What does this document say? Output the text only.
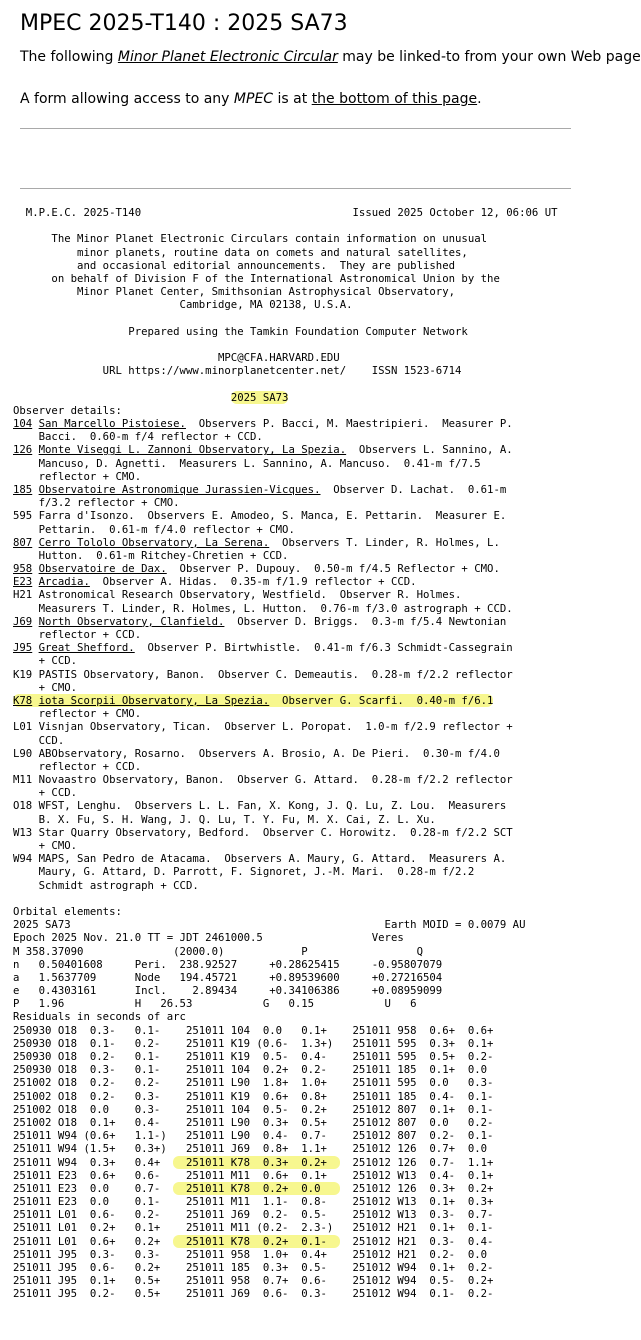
MPEC 2025-T140 : 2025 SA73
The following Minor Planet Electronic Circular may be linked-to from your own Web page
A form allowing access to any MPEC is at the bottom of this page.
M.P.E.C. 2025-T140                                 Issued 2025 October 12, 06:06 UT
The Minor Planet Electronic Circulars contain information on unusual
minor planets, routine data on comets and natural satellites,
and occasional editorial announcements.  They are published
on behalf of Division F of the International Astronomical Union by the
Minor Planet Center, Smithsonian Astrophysical Observatory,
Cambridge, MA 02138, U.S.A.
Prepared using the Tamkin Foundation Computer Network
MPC@CFA.HARVARD.EDU
URL https://www.minorplanetcenter.net/    ISSN 1523-6714
2025 SA73
Observer details:
104 San Marcello Pistoiese.  Observers P. Bacci, M. Maestripieri.  Measurer P.
Bacci.  0.60-m f/4 reflector + CCD.
126 Monte Viseggi L. Zannoni Observatory, La Spezia.  Observers L. Sannino, A.
Mancuso, D. Agnetti.  Measurers L. Sannino, A. Mancuso.  0.41-m f/7.5
reflector + CMO.
185 Observatoire Astronomique Jurassien-Vicques.  Observer D. Lachat.  0.61-m
f/3.2 reflector + CMO.
595 Farra d'Isonzo.  Observers E. Amodeo, S. Manca, E. Pettarin.  Measurer E.
Pettarin.  0.61-m f/4.0 reflector + CMO.
807 Cerro Tololo Observatory, La Serena.  Observers T. Linder, R. Holmes, L.
Hutton.  0.61-m Ritchey-Chretien + CCD.
958 Observatoire de Dax.  Observer P. Dupouy.  0.50-m f/4.5 Reflector + CMO.
E23 Arcadia.  Observer A. Hidas.  0.35-m f/1.9 reflector + CCD.
H21 Astronomical Research Observatory, Westfield.  Observer R. Holmes.
Measurers T. Linder, R. Holmes, L. Hutton.  0.76-m f/3.0 astrograph + CCD.
J69 North Observatory, Clanfield.  Observer D. Briggs.  0.3-m f/5.4 Newtonian
reflector + CCD.
J95 Great Shefford.  Observer P. Birtwhistle.  0.41-m f/6.3 Schmidt-Cassegrain
+ CCD.
K19 PASTIS Observatory, Banon.  Observer C. Demeautis.  0.28-m f/2.2 reflector
+ CMO.
K78 iota Scorpii Observatory, La Spezia.  Observer G. Scarfi.  0.40-m f/6.1
reflector + CMO.
L01 Visnjan Observatory, Tican.  Observer L. Poropat.  1.0-m f/2.9 reflector +
CCD.
L90 ABObservatory, Rosarno.  Observers A. Brosio, A. De Pieri.  0.30-m f/4.0
reflector + CCD.
M11 Novaastro Observatory, Banon.  Observer G. Attard.  0.28-m f/2.2 reflector
+ CCD.
O18 WFST, Lenghu.  Observers L. L. Fan, X. Kong, J. Q. Lu, Z. Lou.  Measurers
B. X. Fu, S. H. Wang, J. Q. Lu, T. Y. Fu, M. X. Cai, Z. L. Xu.
W13 Star Quarry Observatory, Bedford.  Observer C. Horowitz.  0.28-m f/2.2 SCT
+ CMO.
W94 MAPS, San Pedro de Atacama.  Observers A. Maury, G. Attard.  Measurers A.
Maury, G. Attard, D. Parrott, F. Signoret, J.-M. Mari.  0.28-m f/2.2
Schmidt astrograph + CCD.
Orbital elements:
2025 SA73                                                 Earth MOID = 0.0079 AU
Epoch 2025 Nov. 21.0 TT = JDT 2461000.5                 Veres
M 358.37090              (2000.0)            P                 Q
n   0.50401608     Peri.  238.92527     +0.28625415     -0.95807079
a   1.5637709      Node   194.45721     +0.89539600     +0.27216504
e   0.4303161      Incl.    2.89434     +0.34106386     +0.08959099
P   1.96           H   26.53           G   0.15           U   6
Residuals in seconds of arc
250930 O18  0.3-   0.1-    251011 104  0.0   0.1+    251011 958  0.6+  0.6+
250930 O18  0.1-   0.2-    251011 K19 (0.6-  1.3+)   251011 595  0.3+  0.1+
250930 O18  0.2-   0.1-    251011 K19  0.5-  0.4-    251011 595  0.5+  0.2-
250930 O18  0.3-   0.1-    251011 104  0.2+  0.2-    251011 185  0.1+  0.0
251002 O18  0.2-   0.2-    251011 L90  1.8+  1.0+    251011 595  0.0   0.3-
251002 O18  0.2-   0.3-    251011 K19  0.6+  0.8+    251011 185  0.4-  0.1-
251002 O18  0.0    0.3-    251011 104  0.5-  0.2+    251012 807  0.1+  0.1-
251002 O18  0.1+   0.4-    251011 L90  0.3+  0.5+    251012 807  0.0   0.2-
251011 W94 (0.6+   1.1-)   251011 L90  0.4-  0.7-    251012 807  0.2-  0.1-
251011 W94 (1.5+   0.3+)   251011 J69  0.8+  1.1+    251012 126  0.7+  0.0
251011 W94  0.3+   0.4+    251011 K78  0.3+  0.2+    251012 126  0.7-  1.1+
251011 E23  0.6+   0.6-    251011 M11  0.6+  0.1+    251012 W13  0.4-  0.1+
251011 E23  0.0    0.7-    251011 K78  0.2+  0.0     251012 126  0.3+  0.2+
251011 E23  0.0    0.1-    251011 M11  1.1-  0.8-    251012 W13  0.1+  0.3+
251011 L01  0.6-   0.2-    251011 J69  0.2-  0.5-    251012 W13  0.3-  0.7-
251011 L01  0.2+   0.1+    251011 M11 (0.2-  2.3-)   251012 H21  0.1+  0.1-
251011 L01  0.6+   0.2+    251011 K78  0.2+  0.1-    251012 H21  0.3-  0.4-
251011 J95  0.3-   0.3-    251011 958  1.0+  0.4+    251012 H21  0.2-  0.0
251011 J95  0.6-   0.2+    251011 185  0.3+  0.5-    251012 W94  0.1+  0.2-
251011 J95  0.1+   0.5+    251011 958  0.7+  0.6-    251012 W94  0.5-  0.2+
251011 J95  0.2-   0.5+    251011 J69  0.6-  0.3-    251012 W94  0.1-  0.2-
